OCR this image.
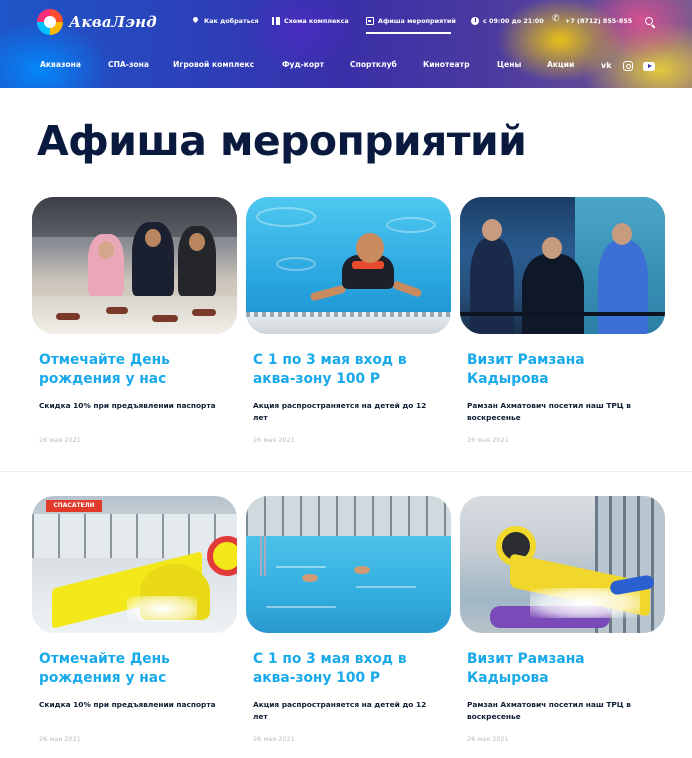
АкваЛэнд	Как добраться	Схема комплекса	Афиша мероприятий	с 09:00 до 21:00
✆	+7 (8712) 855-855
Аквазона	СПА-зона	Игровой комплекс	Фуд-корт	Спортклуб	Кинотеатр	Цены	Акции	vk
Афиша мероприятий
Отмечайте День рождения у нас
Скидка 10% при предъявлении паспорта
26 мая 2021
С 1 по 3 мая вход в аква-зону 100 Р
Акция распространяется на детей до 12 лет
26 мая 2021
Визит Рамзана Кадырова
Рамзан Ахматович посетил наш ТРЦ в воскресенье
26 мая 2021
СПАСАТЕЛИ
Отмечайте День рождения у нас
Скидка 10% при предъявлении паспорта
26 мая 2021
С 1 по 3 мая вход в аква-зону 100 Р
Акция распространяется на детей до 12 лет
26 мая 2021
Визит Рамзана Кадырова
Рамзан Ахматович посетил наш ТРЦ в воскресенье
26 мая 2021
